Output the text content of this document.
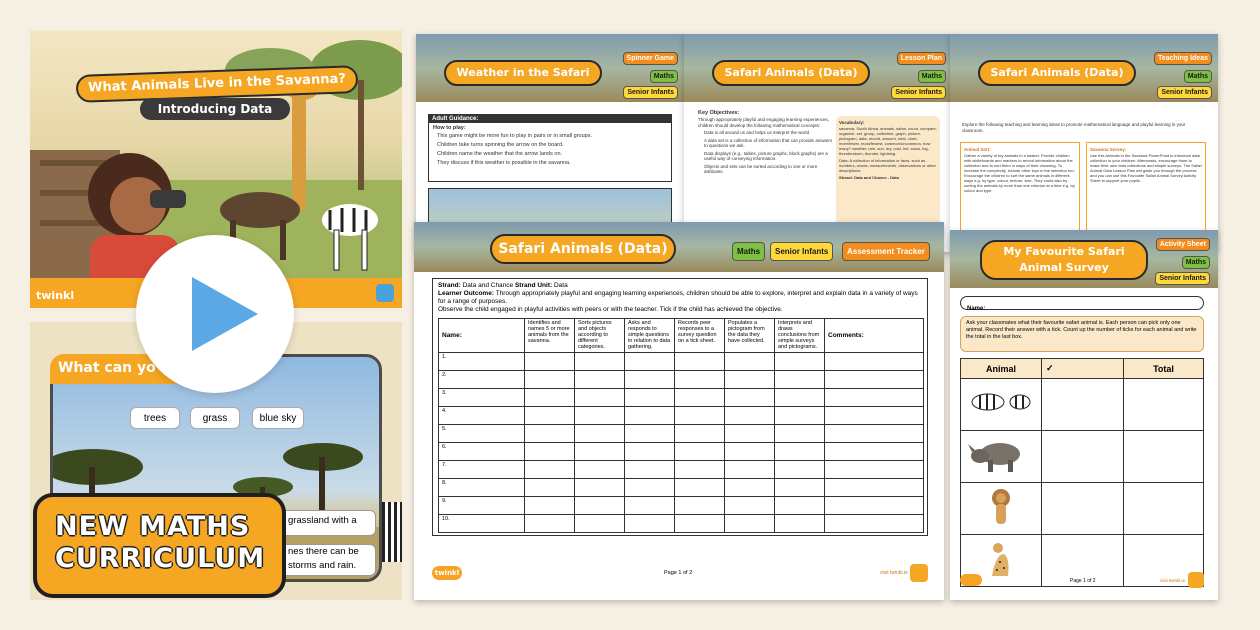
What Animals Live in the Savanna?
Introducing Data
twinkl
What can yo
trees	grass	blue sky
grassland with a
nes there can be
storms and rain.
NEW MATHS
CURRICULUM
Weather in the Safari
Spinner Game
Maths
Senior Infants
Adult Guidance:
How to play:
This game might be more fun to play in pairs or in small groups.
Children take turns spinning the arrow on the board.
Children name the weather that the arrow lands on.
They discuss if this weather is possible in the savanna.
Safari Animals (Data)
Lesson Plan
Maths
Senior Infants
Key Objectives:
Through appropriately playful and engaging learning experiences, children should develop the following mathematical concepts:
Data is all around us and helps us interpret the world.
A data set is a collection of information that can provide answers to questions we ask.
Data displays (e.g., tables, picture graphs, block graphs) are a useful way of conveying information.
Objects and sets can be sorted according to one or more attributes.
Vocabulary:
savanna, South Africa, animals, safari, count, compare, organise, set, group, collection, graph, picture, pictogram, data, record, amount, total, chart, more/fewer, most/fewest, common/uncommon, how many? weather, rain, sun, dry, cold, hot, snow, fog, thunderstorm, thunder, lightning.
Data: A collection of information or facts, such as numbers, words, measurements, observations or other descriptions.
Strand: Data and Chance - Data
Safari Animals (Data)
Teaching Ideas
Maths
Senior Infants
Explore the following teaching and learning ideas to promote mathematical language and playful learning in your classroom.
Animal Sort:
Gather a variety of toy animals in a basket. Provide children with whiteboards and markers to record information about the collection and to sort them in ways of their choosing. To increase the complexity, include other toys in the selection too. Encourage the children to sort the same animals in different ways e.g. by type, colour, texture, size. They could also try sorting the animals by more than one criterion at a time e.g. by colour and type.
Savanna Survey:
Use this Animals in the Savanna PowerPoint to introduce data collection to your children. Afterwards, encourage them to make their own data collections and simple surveys. The Safari Animal Data Lesson Plan will guide you through the process and you can use this Favourite Safari Animal Survey Activity Sheet to support your pupils.
Safari Animals (Data)	Maths	Senior Infants	Assessment Tracker
Strand: Data and Chance Strand Unit: Data
Learner Outcome: Through appropriately playful and engaging learning experiences, children should be able to explore, interpret and explain data in a variety of ways for a range of purposes.
Observe the child engaged in playful activities with peers or with the teacher. Tick if the child has achieved the objective.
Name:	Identifies and names 5 or more animals from the savanna.	Sorts pictures and objects according to different categories.	Asks and responds to simple questions in relation to data gathering.	Records peer responses to a survey question on a tick sheet.	Populates a pictogram from the data they have collected.	Interprets and draws conclusions from simple surveys and pictograms.	Comments:
1.							
2.							
3.							
4.							
5.							
6.							
7.							
8.							
9.							
10.							
twinkl	Page 1 of 2	visit twinkl.ie
My Favourite Safari
Animal Survey
Activity Sheet
Maths
Senior Infants
Name:
Ask your classmates what their favourite safari animal is. Each person can pick only one animal. Record their answer with a tick. Count up the number of ticks for each animal and write the total in the last box.
Animal	✓	Total

Page 1 of 2	visit twinkl.ie
